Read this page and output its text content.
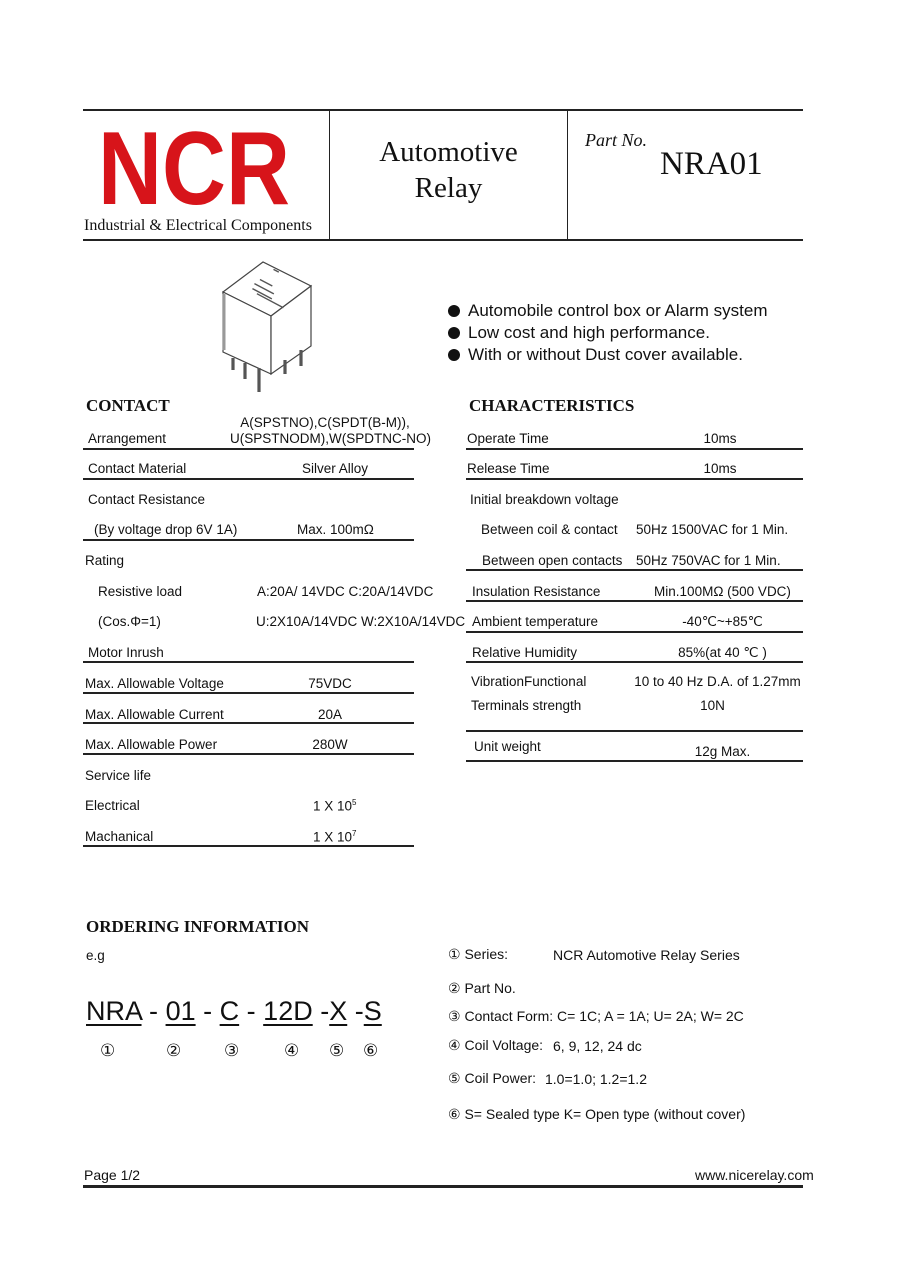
NCR
Industrial & Electrical Components
Automotive
Relay
Part No.
NRA01
Automobile control box or Alarm system
Low cost and high performance.
With or without Dust cover available.
CONTACT
Arrangement
A(SPSTNO),C(SPDT(B-M)),
U(SPSTNODM),W(SPDTNC-NO)
Contact Material	Silver Alloy
Contact Resistance
(By voltage drop 6V 1A)	Max. 100mΩ
Rating
Resistive load	A:20A/ 14VDC C:20A/14VDC
(Cos.Φ=1)	U:2X10A/14VDC W:2X10A/14VDC
Motor Inrush
Max. Allowable Voltage	75VDC
Max. Allowable Current	20A
Max. Allowable Power	280W
Service life
Electrical	1 X $10^5$
Machanical	1 X $10^7$
CHARACTERISTICS
Operate Time	10ms
Release Time	10ms
Initial breakdown voltage
Between coil & contact 50Hz 1500VAC for 1 Min.
Between open contacts 50Hz 750VAC for 1 Min.
Insulation Resistance	Min.100MΩ (500 VDC)
Ambient temperature	-40℃~+85℃
Relative Humidity	85%(at 40 ℃ )
VibrationFunctional	10 to 40 Hz D.A. of 1.27mm
Terminals strength	10N
Unit weight	12g Max.
ORDERING INFORMATION
e.g
NRA - 01 - C - 12D -X -S
①	②	③	④ ⑤ ⑥
① Series:	NCR Automotive Relay Series
② Part No.
③ Contact Form: C= 1C; A = 1A; U= 2A; W= 2C
④ Coil Voltage: 6, 9, 12, 24 dc
⑤ Coil Power: 1.0=1.0; 1.2=1.2
⑥ S= Sealed type K= Open type (without cover)
Page 1/2	www.nicerelay.com
